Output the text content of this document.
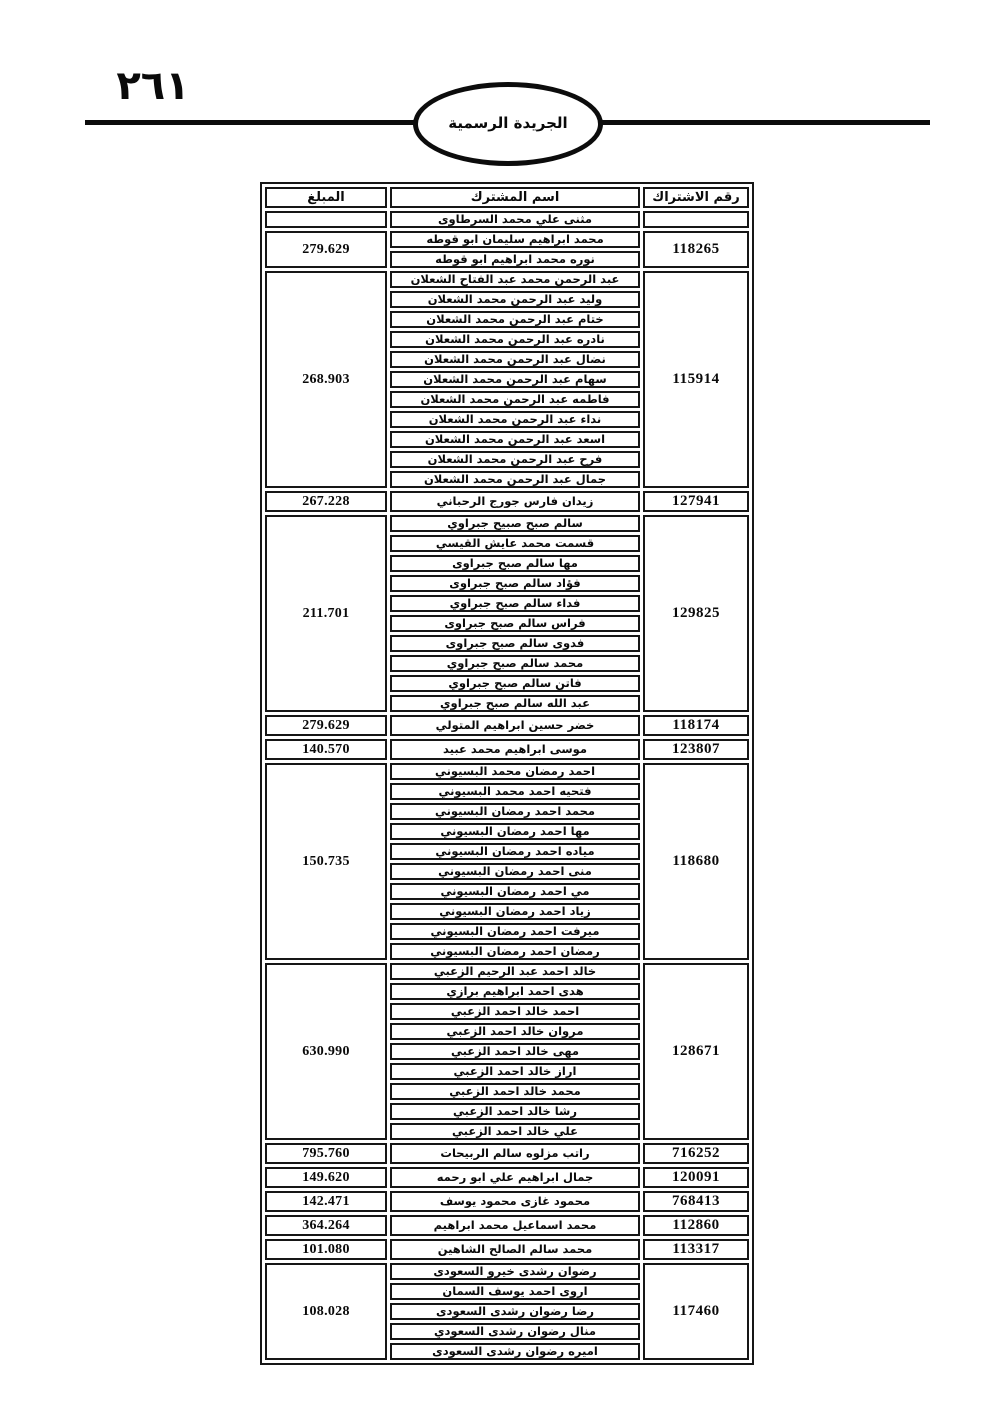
٢٦١
الجريدة الرسمية
رقم الاشتراك	اسم المشترك	المبلغ
	مثنى علي محمد السرطاوى	
118265	محمد ابراهيم سليمان ابو قوطه	279.629
	نوره محمد ابراهيم ابو قوطه	
115914	عبد الرحمن محمد عبد الفتاح الشعلان	268.903
	وليد عبد الرحمن محمد الشعلان	
	ختام عبد الرحمن محمد الشعلان	
	نادره عبد الرحمن محمد الشعلان	
	نضال عبد الرحمن محمد الشعلان	
	سهام عبد الرحمن محمد الشعلان	
	فاطمه عبد الرحمن محمد الشعلان	
	نداء عبد الرحمن محمد الشعلان	
	اسعد عبد الرحمن محمد الشعلان	
	فرح عبد الرحمن محمد الشعلان	
	جمال عبد الرحمن محمد الشعلان	
127941	زيدان فارس جورج الرحباني	267.228
129825	سالم صبح صبيح جبراوي	211.701
	قسمت محمد عايش القيسي	
	مها سالم صبح جبراوى	
	فؤاد سالم صبح جبراوى	
	فداء سالم صبح جبراوي	
	فراس سالم صبح جبراوى	
	فدوى سالم صبح جبراوى	
	محمد سالم صبح جبراوي	
	فاتن سالم صبح جبراوي	
	عبد الله سالم صبح جبراوي	
118174	خضر حسين ابراهيم المتولي	279.629
123807	موسى ابراهيم محمد عبيد	140.570
118680	احمد رمضان محمد البسيوني	150.735
	فتحيه احمد محمد البسيوني	
	محمد احمد رمضان البسيوني	
	مها احمد رمضان البسيوني	
	مياده احمد رمضان البسيوني	
	منى احمد رمضان البسيوني	
	مي احمد رمضان البسيوني	
	زياد احمد رمضان البسيوني	
	ميرفت احمد رمضان البسيوني	
	رمضان احمد رمضان البسيوني	
128671	خالد احمد عبد الرحيم الزعبي	630.990
	هدى احمد ابراهيم برازي	
	احمد خالد احمد الزعبي	
	مروان خالد احمد الزعبي	
	مهى خالد احمد الزعبي	
	اراز خالد احمد الزعبي	
	محمد خالد احمد الزعبي	
	رشا خالد احمد الزعبي	
	علي خالد احمد الزعبي	
716252	راتب مزلوه سالم الربيحات	795.760
120091	جمال ابراهيم علي ابو رحمه	149.620
768413	محمود غازى محمود يوسف	142.471
112860	محمد اسماعيل محمد ابراهيم	364.264
113317	محمد سالم الصالح الشاهين	101.080
117460	رضوان رشدى خيرو السعودى	108.028
	اروى احمد يوسف السمان	
	رضا رضوان رشدى السعودى	
	منال رضوان رشدى السعودي	
	اميره رضوان رشدى السعودى	
